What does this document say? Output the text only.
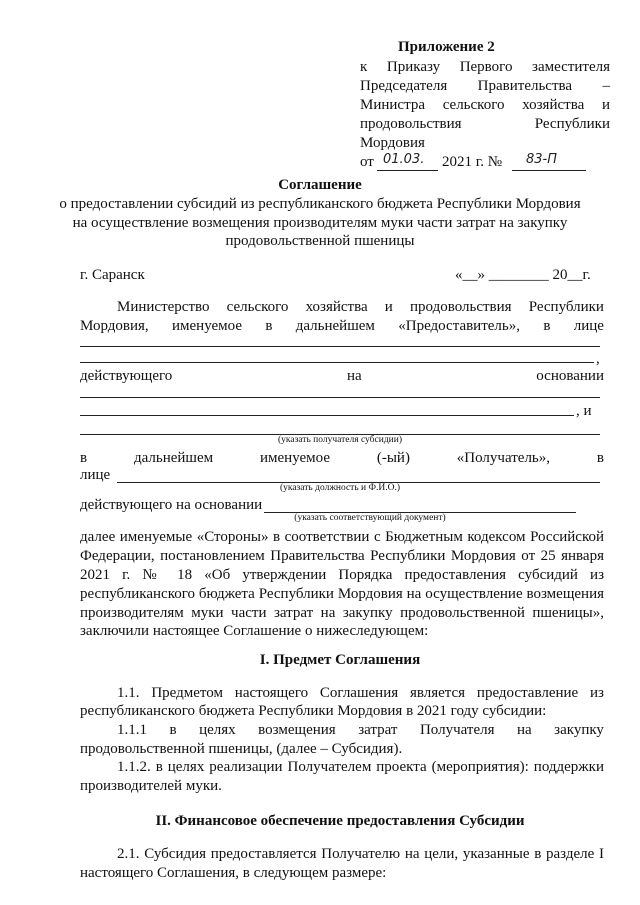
Приложение 2
к Приказу Первого заместителя
Председателя Правительства –
Министра сельского хозяйства и
продовольствия Республики
Мордовия
от 01.03. 2021 г. № 83-П
Соглашение
о предоставлении субсидий из республиканского бюджета Республики Мордовия
на осуществление возмещения производителям муки части затрат на закупку
продовольственной пшеницы
г. Саранск	«__» ________ 20__г.
Министерство сельского хозяйства и продовольствия Республики
Мордовия, именуемое в дальнейшем «Предоставитель», в лице
,
действующего	на	основании
, и
(указать получателя субсидии)
в	дальнейшем	именуемое	(-ый)	«Получатель»,	в
лице
(указать должность и Ф.И.О.)
действующего на основании
(указать соответствующий документ)
далее именуемые «Стороны» в соответствии с Бюджетным кодексом Российской
Федерации, постановлением Правительства Республики Мордовия от 25 января
2021 г. № 18 «Об утверждении Порядка предоставления субсидий из
республиканского бюджета Республики Мордовия на осуществление возмещения
производителям муки части затрат на закупку продовольственной пшеницы»,
заключили настоящее Соглашение о нижеследующем:
I. Предмет Соглашения
1.1. Предметом настоящего Соглашения является предоставление из
республиканского бюджета Республики Мордовия в 2021 году субсидии:
1.1.1 в целях возмещения затрат Получателя на закупку
продовольственной пшеницы, (далее – Субсидия).
1.1.2. в целях реализации Получателем проекта (мероприятия): поддержки
производителей муки.
II. Финансовое обеспечение предоставления Субсидии
2.1. Субсидия предоставляется Получателю на цели, указанные в разделе I
настоящего Соглашения, в следующем размере:
